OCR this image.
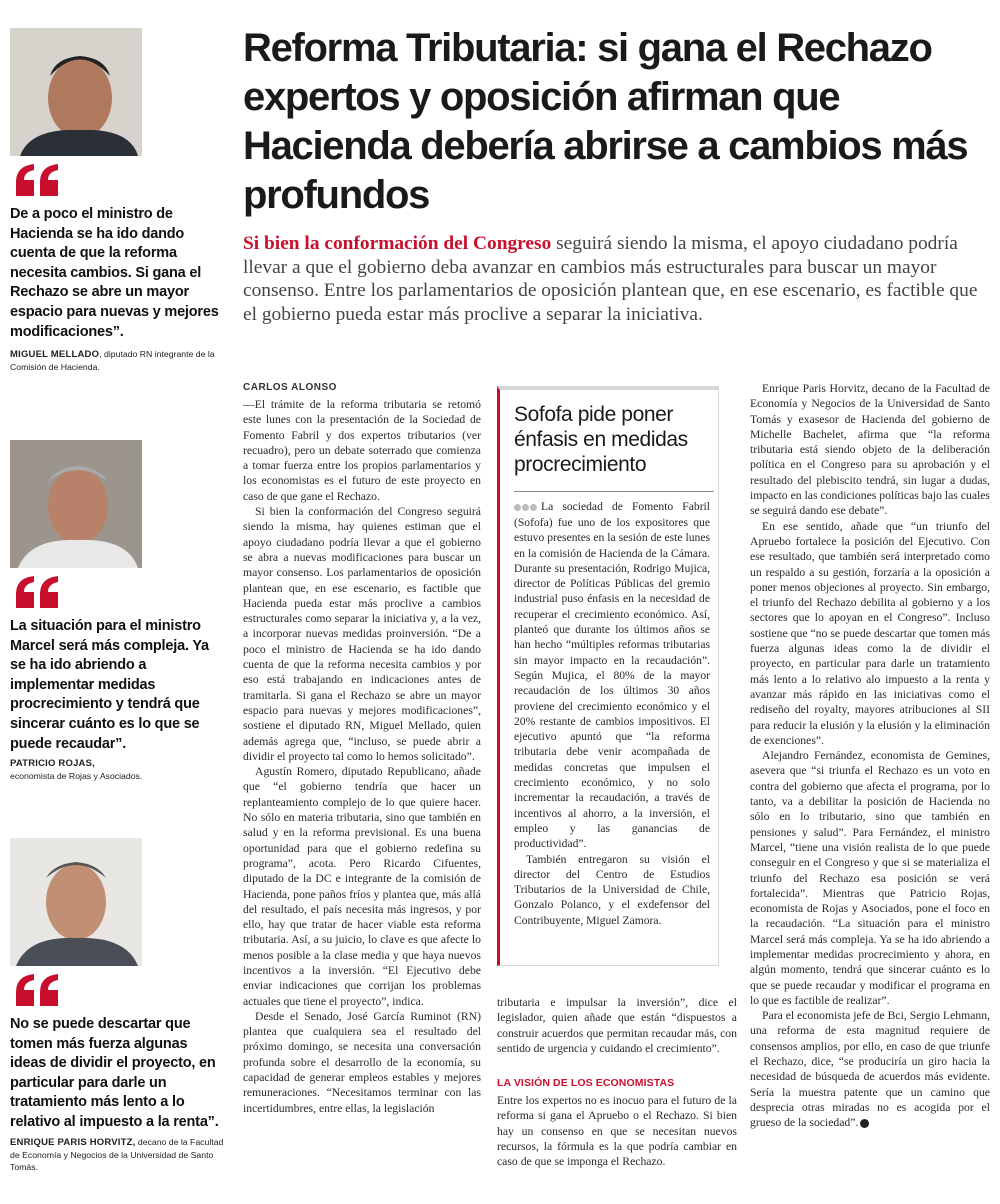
De a poco el ministro de Hacienda se ha ido dando cuenta de que la reforma necesita cambios. Si gana el Rechazo se abre un mayor espacio para nuevas y mejores modificaciones”.
MIGUEL MELLADO, diputado RN integrante de la Comisión de Hacienda.
La situación para el ministro Marcel será más compleja. Ya se ha ido abriendo a implementar medidas procrecimiento y tendrá que sincerar cuánto es lo que se puede recaudar”.
PATRICIO ROJAS,
economista de Rojas y Asociados.
No se puede descartar que tomen más fuerza algunas ideas de dividir el proyecto, en particular para darle un tratamiento más lento a lo relativo al impuesto a la renta”.
ENRIQUE PARIS HORVITZ, decano de la Facultad de Economía y Negocios de la Universidad de Santo Tomás.
Reforma Tributaria: si gana el Rechazo expertos y oposición afirman que Hacienda debería abrirse a cambios más profundos
Si bien la conformación del Congreso seguirá siendo la misma, el apoyo ciudadano podría llevar a que el gobierno deba avanzar en cambios más estructurales para buscar un mayor consenso. Entre los parlamentarios de oposición plantean que, en ese escenario, es factible que el gobierno pueda estar más proclive a separar la iniciativa.
CARLOS ALONSO

—El trámite de la reforma tributaria se retomó este lunes con la presentación de la Sociedad de Fomento Fabril y dos expertos tributarios (ver recuadro), pero un debate soterrado que comienza a tomar fuerza entre los propios parlamentarios y los economistas es el futuro de este proyecto en caso de que gane el Rechazo.

Si bien la conformación del Congreso seguirá siendo la misma, hay quienes estiman que el apoyo ciudadano podría llevar a que el gobierno se abra a nuevas modificaciones para buscar un mayor consenso. Los parlamentarios de oposición plantean que, en ese escenario, es factible que Hacienda pueda estar más proclive a cambios estructurales como separar la iniciativa y, a la vez, a incorporar nuevas medidas proinversión. “De a poco el ministro de Hacienda se ha ido dando cuenta de que la reforma necesita cambios y por eso está trabajando en indicaciones antes de tramitarla. Si gana el Rechazo se abre un mayor espacio para nuevas y mejores modificaciones”, sostiene el diputado RN, Miguel Mellado, quien además agrega que, “incluso, se puede abrir a dividir el proyecto tal como lo hemos solicitado”.

Agustín Romero, diputado Republicano, añade que “el gobierno tendría que hacer un replanteamiento complejo de lo que quiere hacer. No sólo en materia tributaria, sino que también en salud y en la reforma previsional. Es una buena oportunidad para que el gobierno redefina su programa”, acota. Pero Ricardo Cifuentes, diputado de la DC e integrante de la comisión de Hacienda, pone paños fríos y plantea que, más allá del resultado, el país necesita más ingresos, y por ello, hay que tratar de hacer viable esta reforma tributaria. Así, a su juicio, lo clave es que afecte lo menos posible a la clase media y que haya nuevos incentivos a la inversión. “El Ejecutivo debe enviar indicaciones que corrijan los problemas actuales que tiene el proyecto”, indica.

Desde el Senado, José García Ruminot (RN) plantea que cualquiera sea el resultado del próximo domingo, se necesita una conversación profunda sobre el desarrollo de la economía, su capacidad de generar empleos estables y mejores remuneraciones. “Necesitamos terminar con las incertidumbres, entre ellas, la legislación

Sofofa pide poner énfasis en medidas procrecimiento

La sociedad de Fomento Fabril (Sofofa) fue uno de los expositores que estuvo presentes en la sesión de este lunes en la comisión de Hacienda de la Cámara. Durante su presentación, Rodrigo Mujica, director de Políticas Públicas del gremio industrial puso énfasis en la necesidad de recuperar el crecimiento económico. Así, planteó que durante los últimos años se han hecho “múltiples reformas tributarias sin mayor impacto en la recaudación”. Según Mujica, el 80% de la mayor recaudación de los últimos 30 años proviene del crecimiento económico y el 20% restante de cambios impositivos. El ejecutivo apuntó que “la reforma tributaria debe venir acompañada de medidas concretas que impulsen el crecimiento económico, y no solo incrementar la recaudación, a través de incentivos al ahorro, a la inversión, el empleo y las ganancias de productividad”.

También entregaron su visión el director del Centro de Estudios Tributarios de la Universidad de Chile, Gonzalo Polanco, y el exdefensor del Contribuyente, Miguel Zamora.

tributaria e impulsar la inversión”, dice el legislador, quien añade que están “dispuestos a construir acuerdos que permitan recaudar más, con sentido de urgencia y cuidando el crecimiento”.

LA VISIÓN DE LOS ECONOMISTAS

Entre los expertos no es inocuo para el futuro de la reforma si gana el Apruebo o el Rechazo. Si bien hay un consenso en que se necesitan nuevos recursos, la fórmula es la que podría cambiar en caso de que se imponga el Rechazo.

Enrique Paris Horvitz, decano de la Facultad de Economía y Negocios de la Universidad de Santo Tomás y exasesor de Hacienda del gobierno de Michelle Bachelet, afirma que “la reforma tributaria está siendo objeto de la deliberación política en el Congreso para su aprobación y el resultado del plebiscito tendrá, sin lugar a dudas, impacto en las condiciones políticas bajo las cuales se seguirá dando ese debate”.

En ese sentido, añade que “un triunfo del Apruebo fortalece la posición del Ejecutivo. Con ese resultado, que también será interpretado como un respaldo a su gestión, forzaría a la oposición a poner menos objeciones al proyecto. Sin embargo, el triunfo del Rechazo debilita al gobierno y a los sectores que lo apoyan en el Congreso”. Incluso sostiene que “no se puede descartar que tomen más fuerza algunas ideas como la de dividir el proyecto, en particular para darle un tratamiento más lento a lo relativo alo impuesto a la renta y avanzar más rápido en las iniciativas como el rediseño del royalty, mayores atribuciones al SII para reducir la elusión y la elusión y la eliminación de exenciones”.

Alejandro Fernández, economista de Gemines, asevera que “si triunfa el Rechazo es un voto en contra del gobierno que afecta el programa, por lo tanto, va a debilitar la posición de Hacienda no sólo en lo tributario, sino que también en pensiones y salud”. Para Fernández, el ministro Marcel, “tiene una visión realista de lo que puede conseguir en el Congreso y que si se materializa el triunfo del Rechazo esa posición se verá fortalecida”. Mientras que Patricio Rojas, economista de Rojas y Asociados, pone el foco en la recaudación. “La situación para el ministro Marcel será más compleja. Ya se ha ido abriendo a implementar medidas procrecimiento y ahora, en algún momento, tendrá que sincerar cuánto es lo que se puede recaudar y modificar el programa en lo que es factible de realizar”.

Para el economista jefe de Bci, Sergio Lehmann, una reforma de esta magnitud requiere de consensos amplios, por ello, en caso de que triunfe el Rechazo, dice, “se produciría un giro hacia la necesidad de búsqueda de acuerdos más evidente. Sería la muestra patente que un camino que desprecia otras miradas no es acogida por el grueso de la sociedad”.
